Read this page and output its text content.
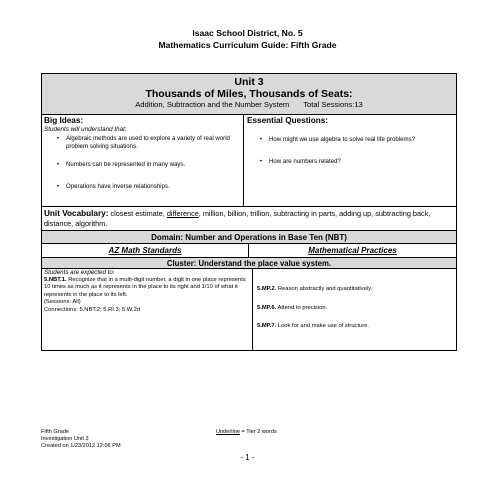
Isaac School District, No. 5
Mathematics Curriculum Guide: Fifth Grade
Unit 3
Thousands of Miles, Thousands of Seats:
Addition, Subtraction and the Number System Total Sessions:13
Big Ideas:
Students will understand that:
•	Algebraic methods are used to explore a variety of real world problem solving situations.
•	Numbers can be represented in many ways.
•	Operations have inverse relationships.
Essential Questions:
•	How might we use algebra to solve real life problems?
•	How are numbers related?
Unit Vocabulary: closest estimate, difference, million, billion, trillion, subtracting in parts, adding up, subtracting back, distance, algorithm.
Domain: Number and Operations in Base Ten (NBT)
AZ Math Standards	Mathematical Practices
Cluster: Understand the place value system.
Students are expected to:
5.NBT.1. Recognize that in a multi-digit number, a digit in one place represents 10 times as much as it represents in the place to its right and 1/10 of what it represents in the place to its left.
(Sessions: All)
Connections: 5.NBT.2; 5.RI.3; 5.W.2d
5.MP.2. Reason abstractly and quantitatively.
5.MP.6. Attend to precision.
5.MP.7. Look for and make use of structure.
Fifth Grade
Investigation Unit 3
Created on 1/23/2012 12:06 PM
Underline = Tier 2 words
- 1 -
